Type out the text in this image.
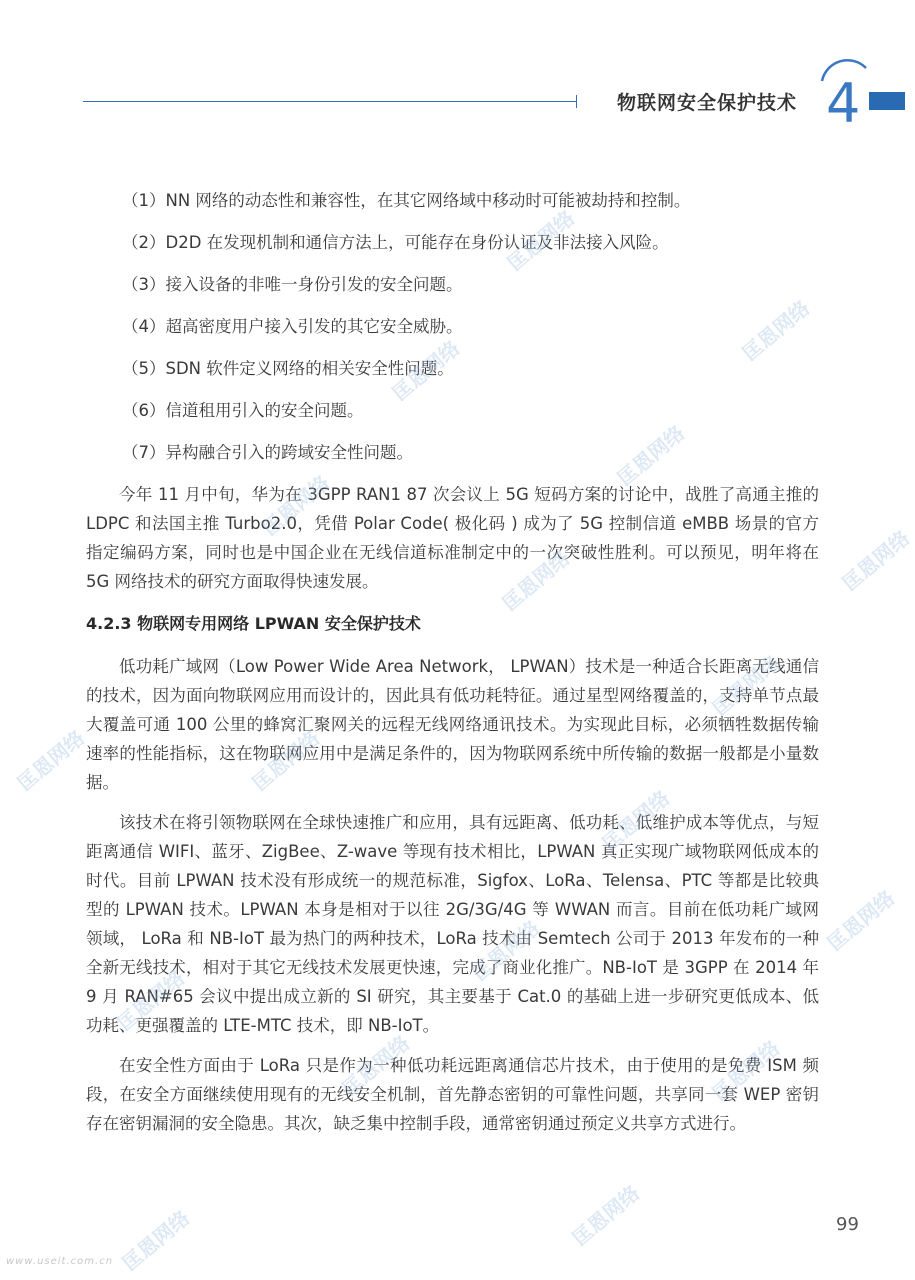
物联网安全保护技术 4
（1）NN 网络的动态性和兼容性，在其它网络域中移动时可能被劫持和控制。
（2）D2D 在发现机制和通信方法上，可能存在身份认证及非法接入风险。
（3）接入设备的非唯一身份引发的安全问题。
（4）超高密度用户接入引发的其它安全威胁。
（5）SDN 软件定义网络的相关安全性问题。
（6）信道租用引入的安全问题。
（7）异构融合引入的跨域安全性问题。

今年 11 月中旬，华为在 3GPP RAN1 87 次会议上 5G 短码方案的讨论中，战胜了高通主推的 LDPC 和法国主推 Turbo2.0，凭借 Polar Code( 极化码 ) 成为了 5G 控制信道 eMBB 场景的官方指定编码方案，同时也是中国企业在无线信道标准制定中的一次突破性胜利。可以预见，明年将在 5G 网络技术的研究方面取得快速发展。

4.2.3 物联网专用网络 LPWAN 安全保护技术

低功耗广域网（Low Power Wide Area Network， LPWAN）技术是一种适合长距离无线通信的技术，因为面向物联网应用而设计的，因此具有低功耗特征。通过星型网络覆盖的，支持单节点最大覆盖可通 100 公里的蜂窝汇聚网关的远程无线网络通讯技术。为实现此目标，必须牺牲数据传输速率的性能指标，这在物联网应用中是满足条件的，因为物联网系统中所传输的数据一般都是小量数据。

该技术在将引领物联网在全球快速推广和应用，具有远距离、低功耗、低维护成本等优点，与短距离通信 WIFI、蓝牙、ZigBee、Z-wave 等现有技术相比，LPWAN 真正实现广域物联网低成本的时代。目前 LPWAN 技术没有形成统一的规范标准，Sigfox、LoRa、Telensa、PTC 等都是比较典型的 LPWAN 技术。LPWAN 本身是相对于以往 2G/3G/4G 等 WWAN 而言。目前在低功耗广域网领域， LoRa 和 NB-IoT 最为热门的两种技术，LoRa 技术由 Semtech 公司于 2013 年发布的一种全新无线技术，相对于其它无线技术发展更快速，完成了商业化推广。NB-IoT 是 3GPP 在 2014 年 9 月 RAN#65 会议中提出成立新的 SI 研究，其主要基于 Cat.0 的基础上进一步研究更低成本、低功耗、更强覆盖的 LTE-MTC 技术，即 NB-IoT。

在安全性方面由于 LoRa 只是作为一种低功耗远距离通信芯片技术，由于使用的是免费 ISM 频段，在安全方面继续使用现有的无线安全机制，首先静态密钥的可靠性问题，共享同一套 WEP 密钥存在密钥漏洞的安全隐患。其次，缺乏集中控制手段，通常密钥通过预定义共享方式进行。

99
www.useit.com.cn
匡恩网络
匡恩网络
匡恩网络
匡恩网络
匡恩网络
匡恩网络
匡恩网络
匡恩网络
匡恩网络	匡恩网络
匡恩网络
匡恩网络
匡恩网络
匡恩网络
匡恩网络	匡恩网络
匡恩网络	匡恩网络
